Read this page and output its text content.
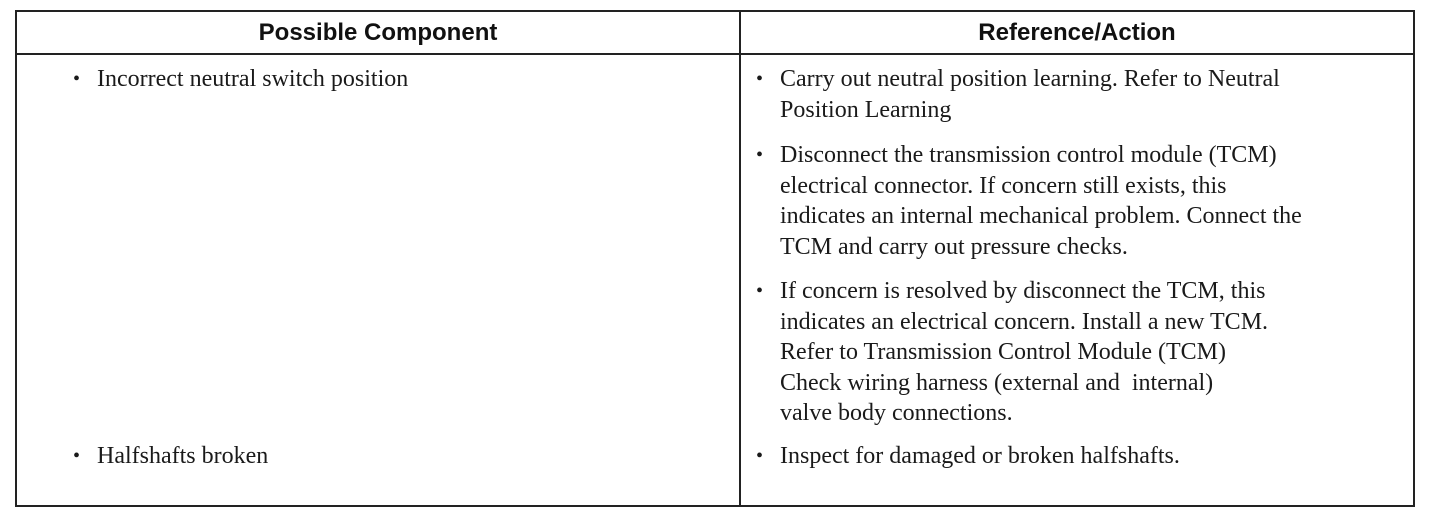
Possible Component	Reference/Action
• Incorrect neutral switch position	• Carry out neutral position learning. Refer to Neutral
Position Learning
• Disconnect the transmission control module (TCM)
electrical connector. If concern still exists, this
indicates an internal mechanical problem. Connect the
TCM and carry out pressure checks.
• If concern is resolved by disconnect the TCM, this
indicates an electrical concern. Install a new TCM.
Refer to Transmission Control Module (TCM)
Check wiring harness (external and  internal)
valve body connections.
• Halfshafts broken	• Inspect for damaged or broken halfshafts.
